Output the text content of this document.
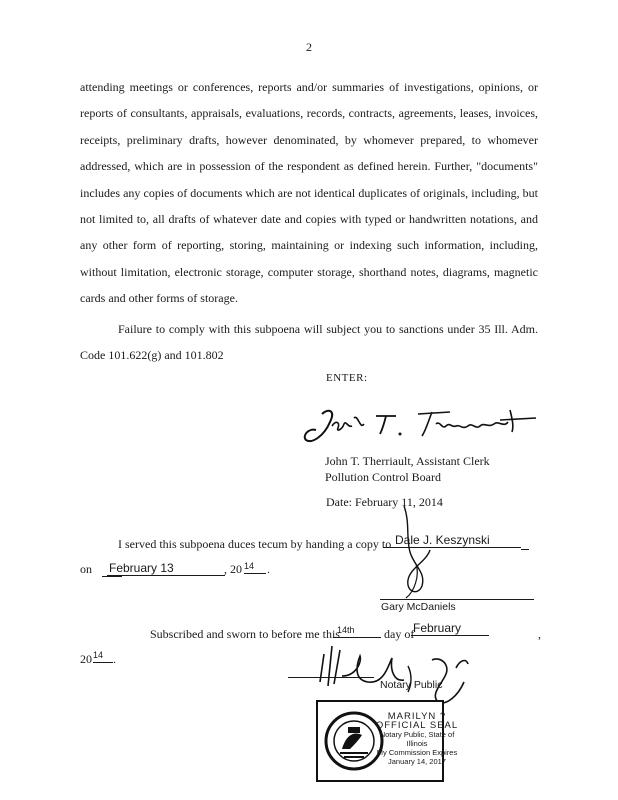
2

attending meetings or conferences, reports and/or summaries of investigations, opinions, or reports of consultants, appraisals, evaluations, records, contracts, agreements, leases, invoices, receipts, preliminary drafts, however denominated, by whomever prepared, to whomever addressed, which are in possession of the respondent as defined herein. Further, "documents" includes any copies of documents which are not identical duplicates of originals, including, but not limited to, all drafts of whatever date and copies with typed or handwritten notations, and any other form of reporting, storing, maintaining or indexing such information, including, without limitation, electronic storage, computer storage, shorthand notes, diagrams, magnetic cards and other forms of storage.

Failure to comply with this subpoena will subject you to sanctions under 35 Ill. Adm. Code 101.622(g) and 101.802

ENTER:
John T. Therriault, Assistant Clerk
Pollution Control Board
Date: February 11, 2014
I served this subpoena duces tecum by handing a copy to Dale J. Keszynski
on February 13	, 20 14	.
Gary McDaniels
Subscribed and sworn to before me this
14th	day of
February	,
20 14 .
Notary Public
MARILYN ?
OFFICIAL SEAL
Notary Public, State of Illinois
My Commission Expires
January 14, 2017
